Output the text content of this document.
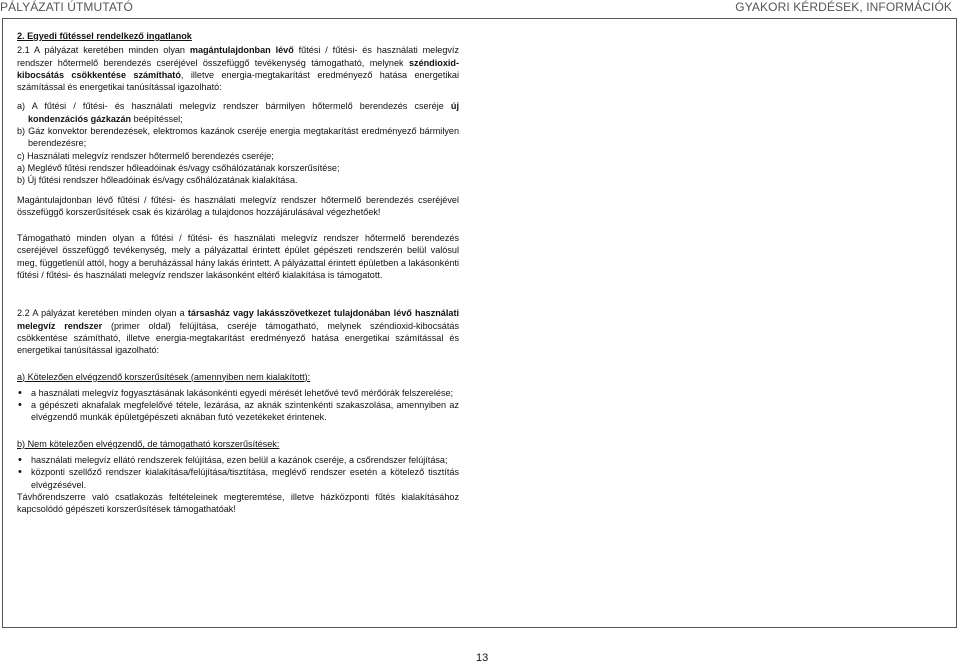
PÁLYÁZATI ÚTMUTATÓ	GYAKORI KÉRDÉSEK, INFORMÁCIÓK

2. Egyedi fűtéssel rendelkező ingatlanok

2.1 A pályázat keretében minden olyan magántulajdonban lévő fűtési / fűtési- és használati melegvíz rendszer hőtermelő berendezés cseréjével összefüggő tevékenység támogatható, melynek széndioxid-kibocsátás csökkentése számítható, illetve energia-megtakarítást eredményező hatása energetikai számítással és energetikai tanúsítással igazolható:

a) A fűtési / fűtési- és használati melegvíz rendszer bármilyen hőtermelő berendezés cseréje új kondenzációs gázkazán beépítéssel;

b) Gáz konvektor berendezések, elektromos kazánok cseréje energia megtakarítást eredményező bármilyen berendezésre;

c) Használati melegvíz rendszer hőtermelő berendezés cseréje;

a) Meglévő fűtési rendszer hőleadóinak és/vagy csőhálózatának korszerűsítése;

b) Új fűtési rendszer hőleadóinak és/vagy csőhálózatának kialakítása.

Magántulajdonban lévő fűtési / fűtési- és használati melegvíz rendszer hőtermelő berendezés cseréjével összefüggő korszerűsítések csak és kizárólag a tulajdonos hozzájárulásával végezhetőek!

Támogatható minden olyan a fűtési / fűtési- és használati melegvíz rendszer hőtermelő berendezés cseréjével összefüggő tevékenység, mely a pályázattal érintett épület gépészeti rendszerén belül valósul meg, függetlenül attól, hogy a beruházással hány lakás érintett. A pályázattal érintett épületben a lakásonkénti fűtési / fűtési- és használati melegvíz rendszer lakásonként eltérő kialakítása is támogatott.

2.2 A pályázat keretében minden olyan a társasház vagy lakásszövetkezet tulajdonában lévő használati melegvíz rendszer (primer oldal) felújítása, cseréje támogatható, melynek széndioxid-kibocsátás csökkentése számítható, illetve energia-megtakarítást eredményező hatása energetikai számítással és energetikai tanúsítással igazolható:

a) Kötelezően elvégzendő korszerűsítések (amennyiben nem kialakított):

• a használati melegvíz fogyasztásának lakásonkénti egyedi mérését lehetővé tevő mérőórák felszerelése;
• a gépészeti aknafalak megfelelővé tétele, lezárása, az aknák szintenkénti szakaszolása, amennyiben az elvégzendő munkák épületgépészeti aknában futó vezetékeket érintenek.

b) Nem kötelezően elvégzendő, de támogatható korszerűsítések:

• használati melegvíz ellátó rendszerek felújítása, ezen belül a kazánok cseréje, a csőrendszer felújítása;
• központi szellőző rendszer kialakítása/felújítása/tisztítása, meglévő rendszer esetén a kötelező tisztítás elvégzésével.

Távhőrendszerre való csatlakozás feltételeinek megteremtése, illetve házközponti fűtés kialakításához kapcsolódó gépészeti korszerűsítések támogathatóak!

13
